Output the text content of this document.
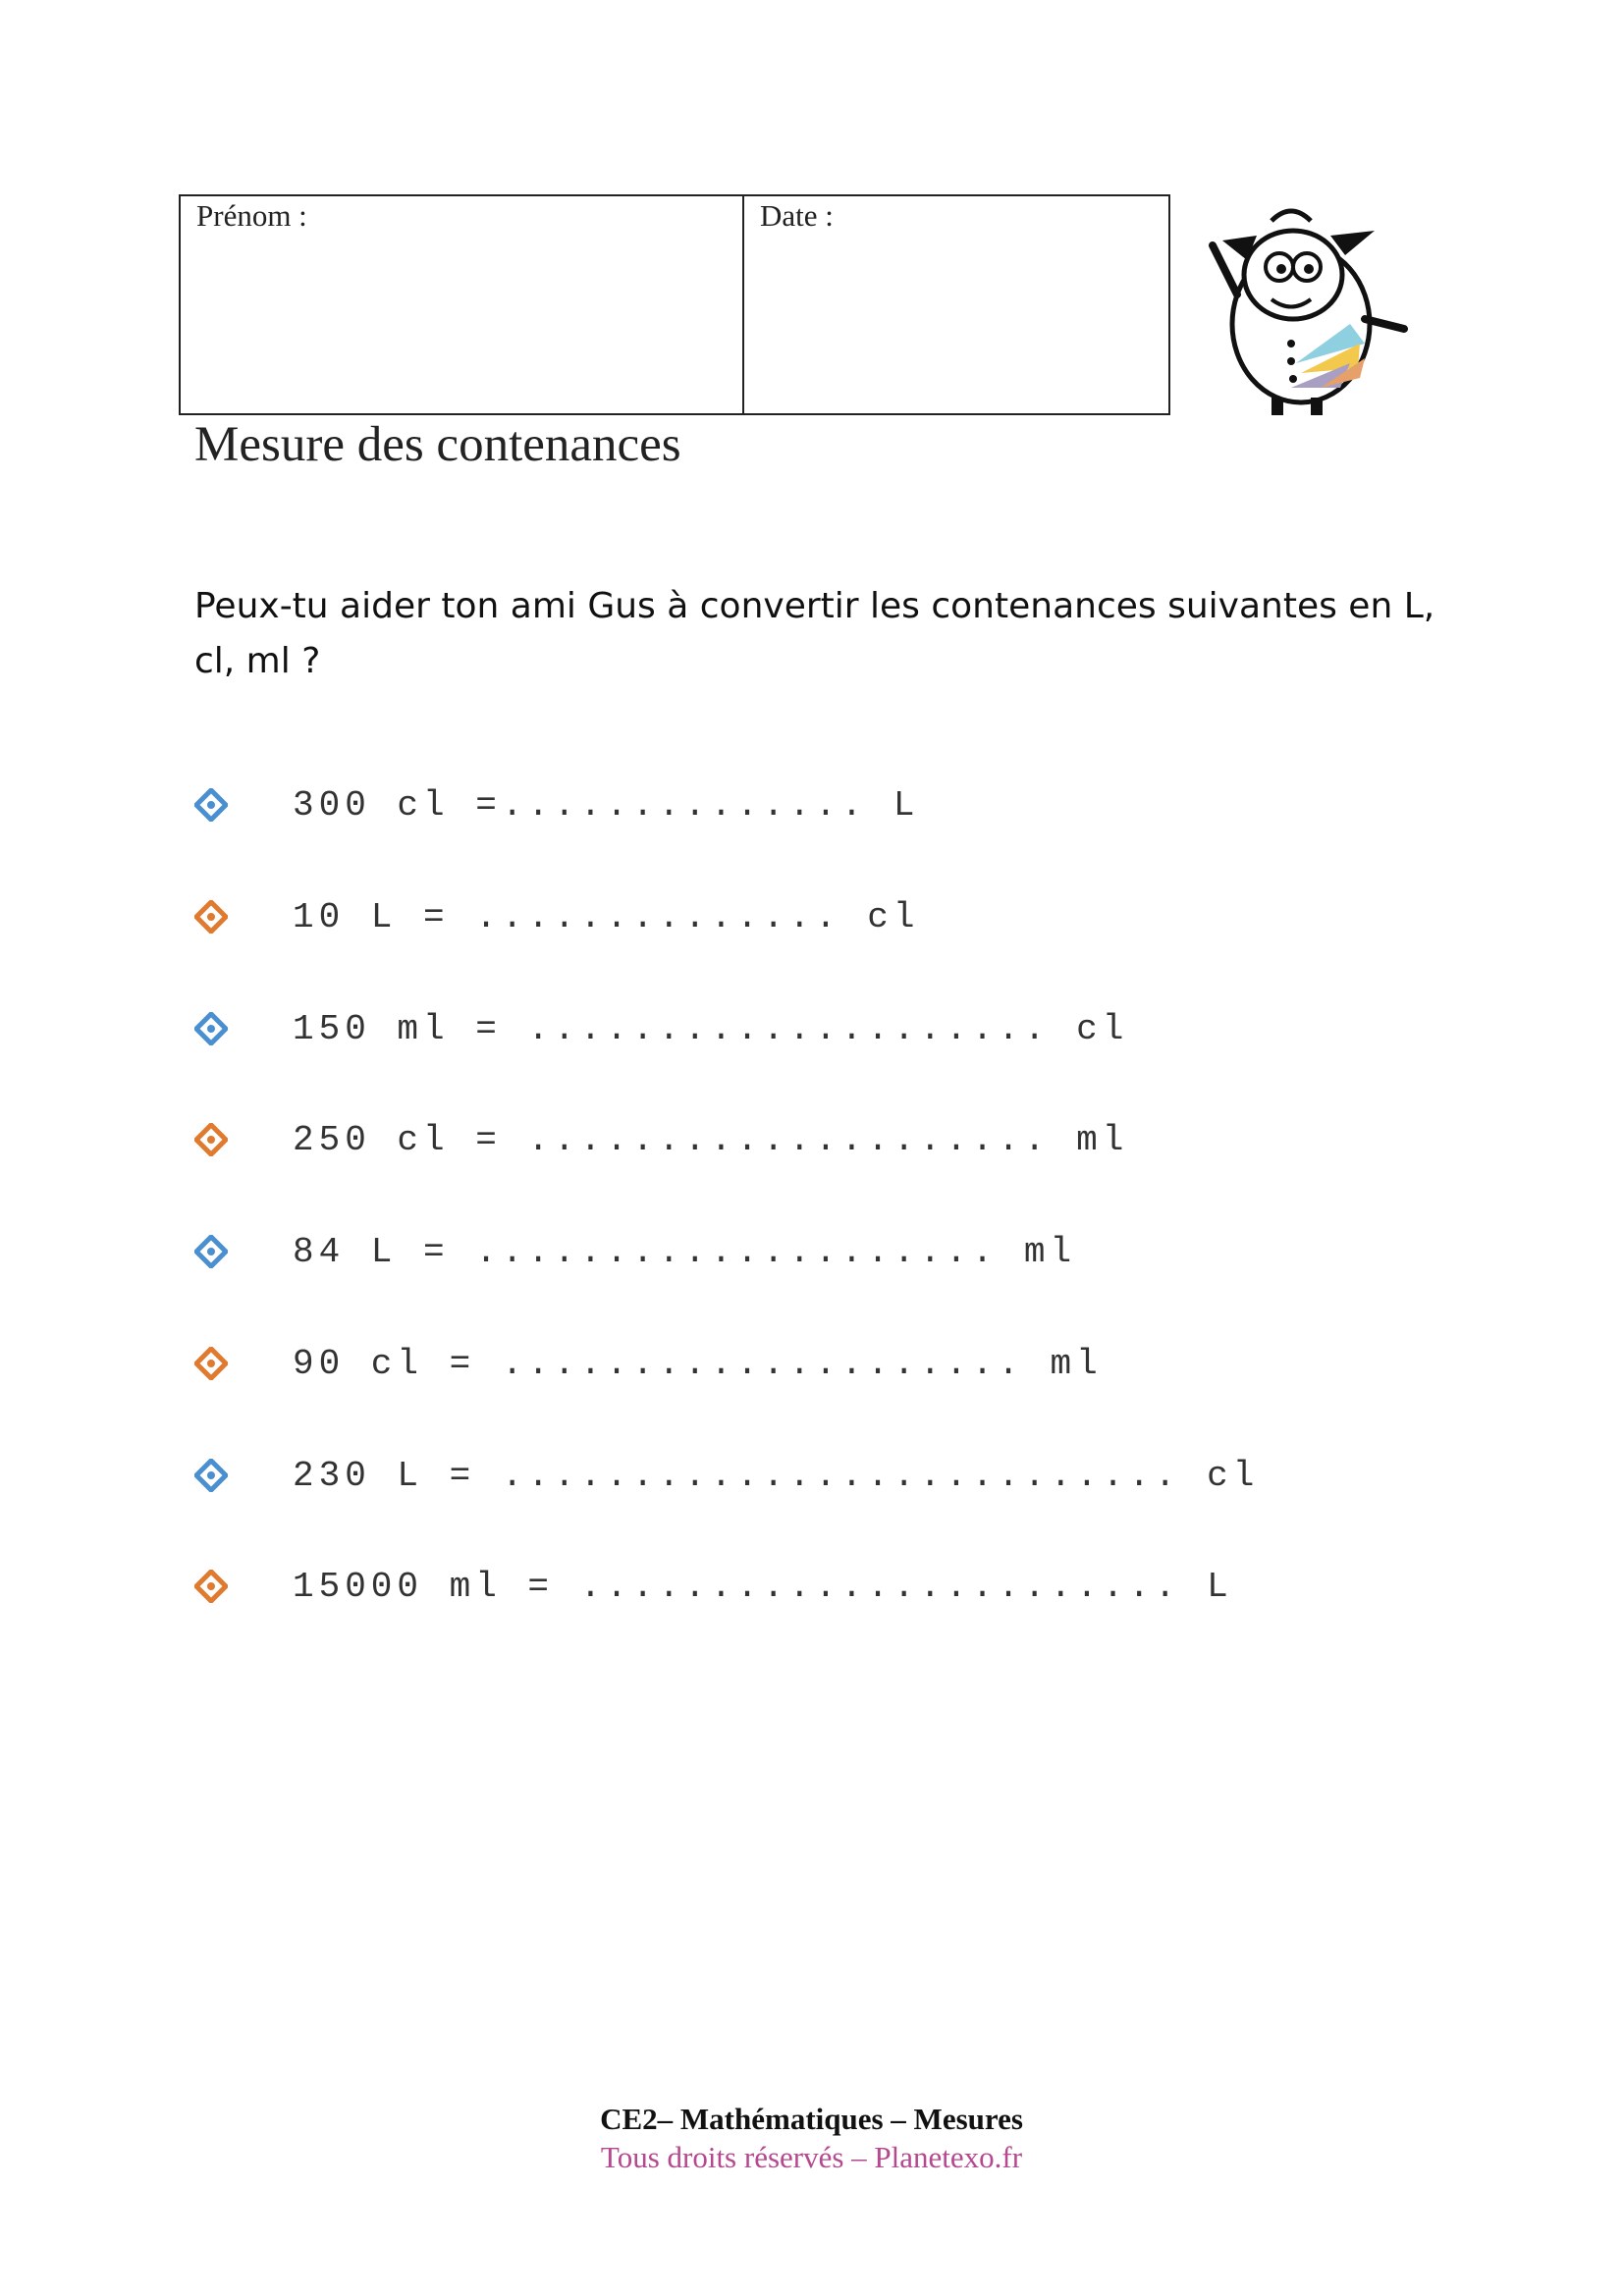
Prénom :	Date :
Mesure des contenances
Peux-tu aider ton ami Gus à convertir les contenances suivantes en L, cl, ml ?
300 cl =.............. L
10 L = .............. cl
150 ml = .................... cl
250 cl = .................... ml
84 L = .................... ml
90 cl = .................... ml
230 L = .......................... cl
15000 ml = ....................... L
CE2– Mathématiques – Mesures
Tous droits réservés – Planetexo.fr
